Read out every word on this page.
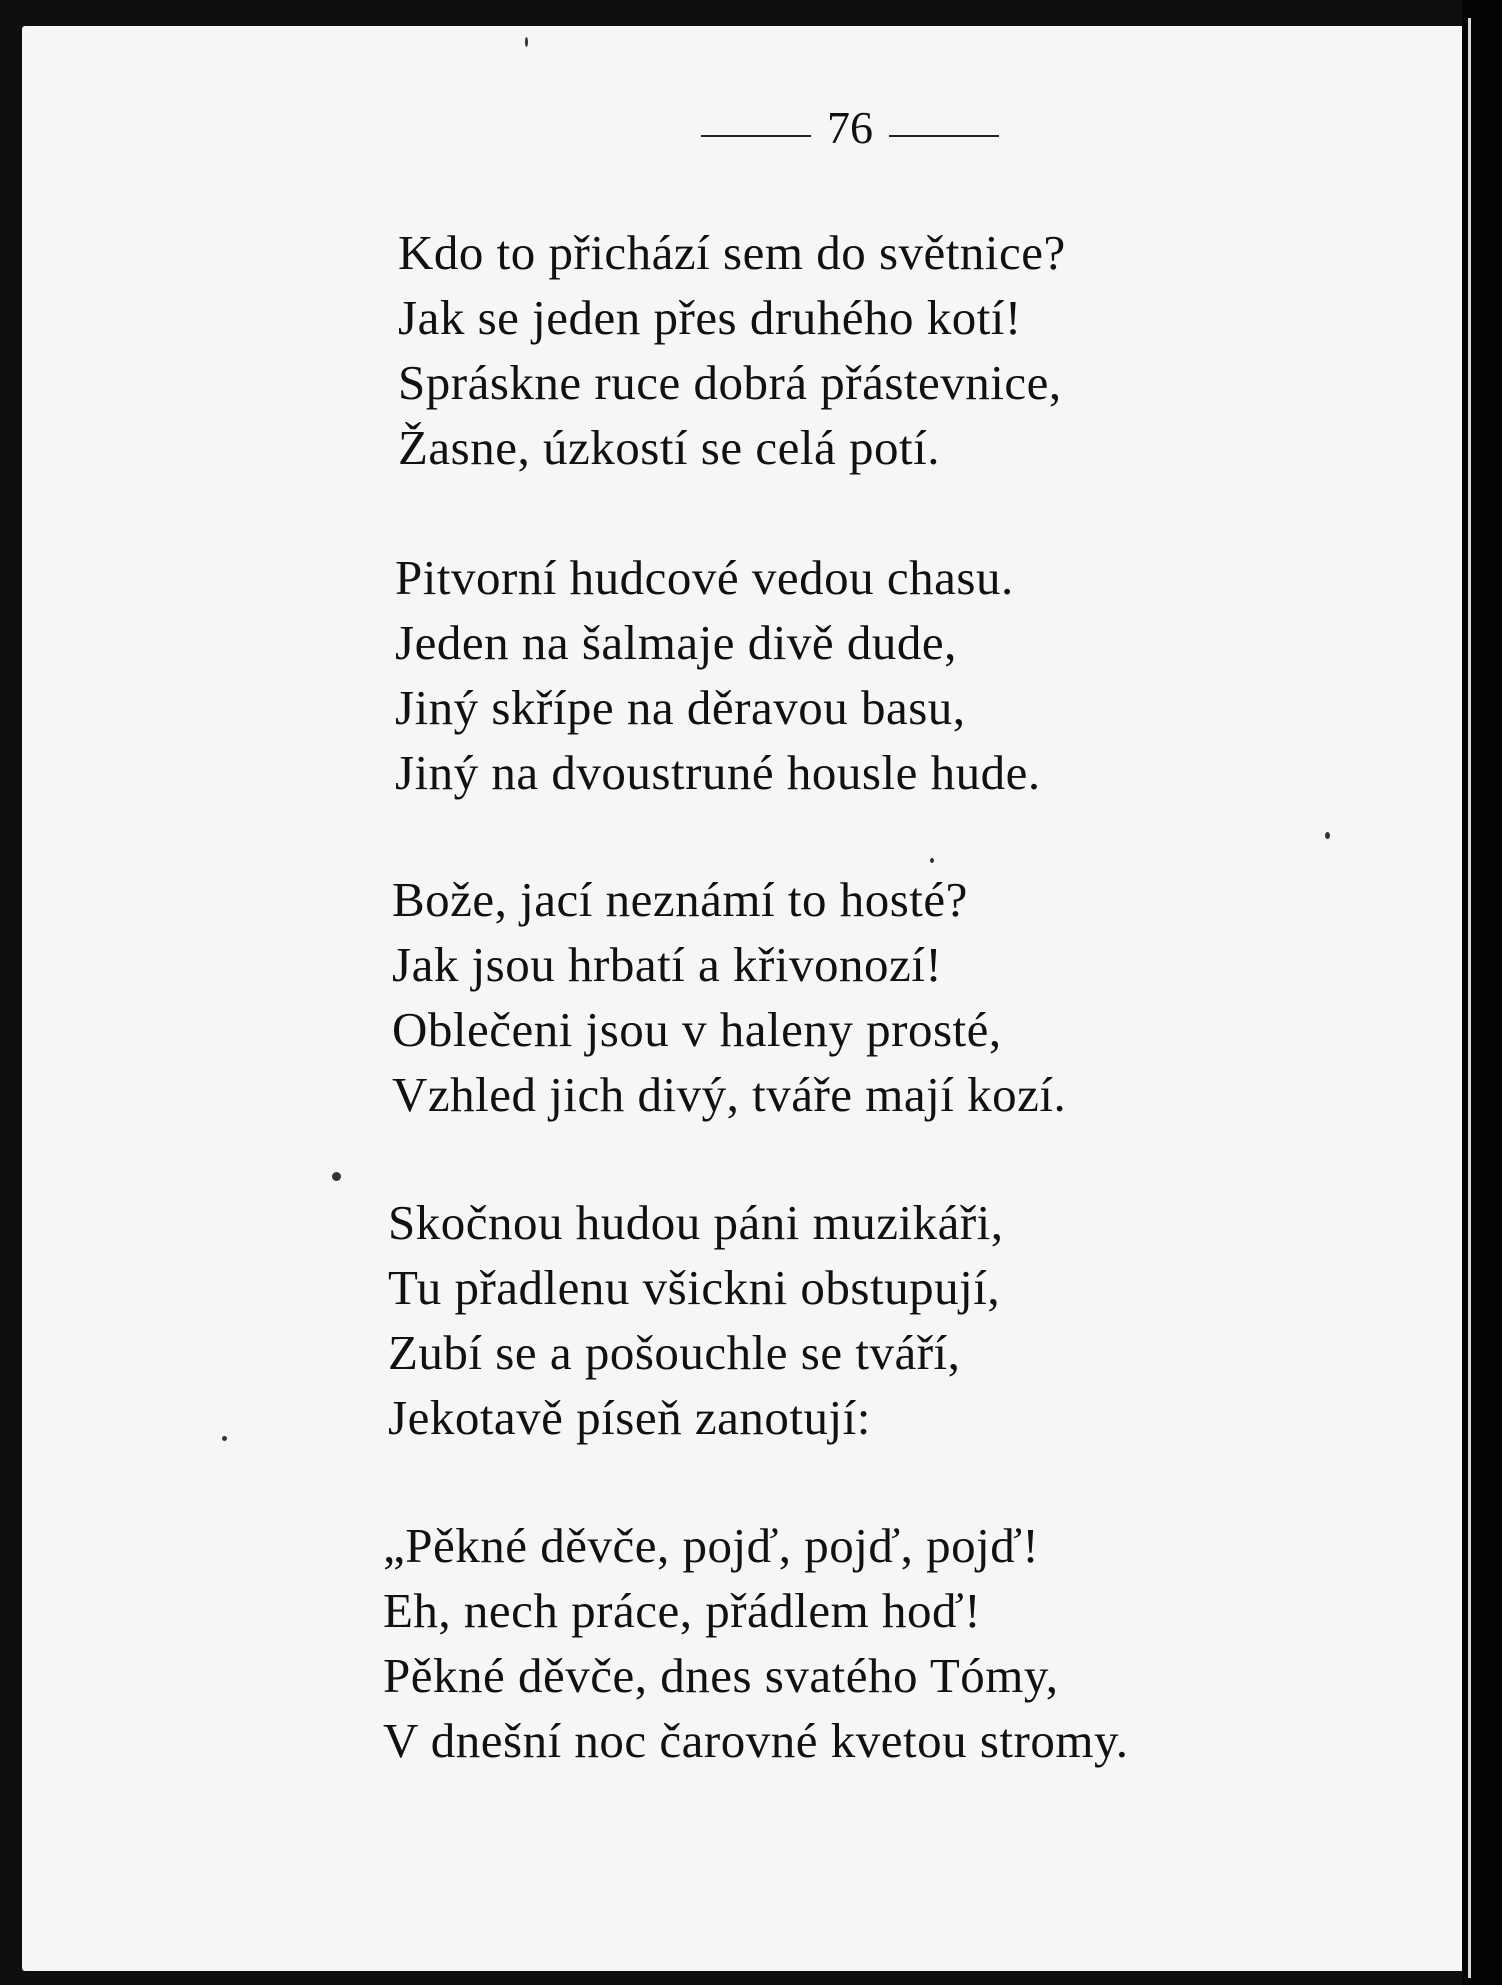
76
Kdo to přichází sem do světnice?
Jak se jeden přes druhého kotí!
Spráskne ruce dobrá přástevnice,
Žasne, úzkostí se celá potí.
Pitvorní hudcové vedou chasu.
Jeden na šalmaje divě dude,
Jiný skřípe na děravou basu,
Jiný na dvoustruné housle hude.
Bože, jací neznámí to hosté?
Jak jsou hrbatí a křivonozí!
Oblečeni jsou v haleny prosté,
Vzhled jich divý, tváře mají kozí.
Skočnou hudou páni muzikáři,
Tu přadlenu všickni obstupují,
Zubí se a pošouchle se tváří,
Jekotavě píseň zanotují:
„Pěkné děvče, pojď, pojď, pojď!
Eh, nech práce, přádlem hoď!
Pěkné děvče, dnes svatého Tómy,
V dnešní noc čarovné kvetou stromy.
